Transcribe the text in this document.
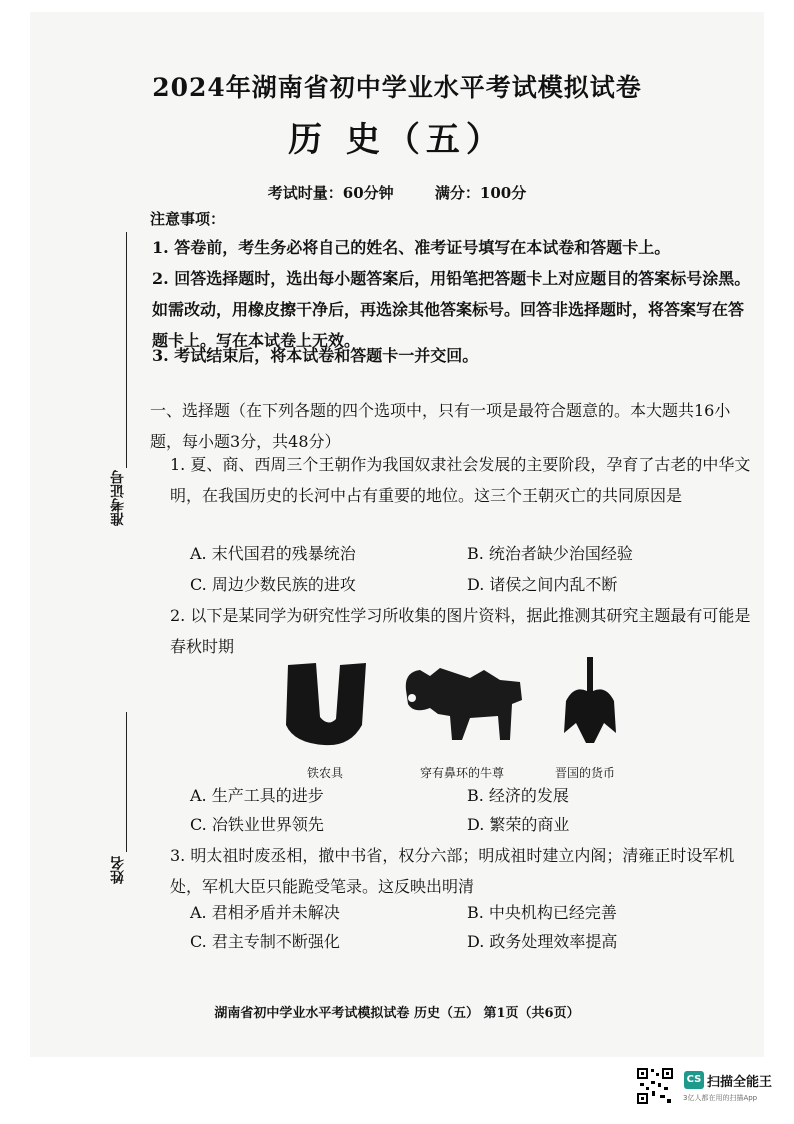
2024年湖南省初中学业水平考试模拟试卷
历 史（五）
考试时量：60分钟	满分：100分
准考证号
姓名
注意事项：
1. 答卷前，考生务必将自己的姓名、准考证号填写在本试卷和答题卡上。
2. 回答选择题时，选出每小题答案后，用铅笔把答题卡上对应题目的答案标号涂黑。如需改动，用橡皮擦干净后，再选涂其他答案标号。回答非选择题时，将答案写在答题卡上。写在本试卷上无效。
3. 考试结束后，将本试卷和答题卡一并交回。
一、选择题（在下列各题的四个选项中，只有一项是最符合题意的。本大题共16小题，每小题3分，共48分）
1. 夏、商、西周三个王朝作为我国奴隶社会发展的主要阶段，孕育了古老的中华文明，在我国历史的长河中占有重要的地位。这三个王朝灭亡的共同原因是
A. 末代国君的残暴统治	B. 统治者缺少治国经验
C. 周边少数民族的进攻	D. 诸侯之间内乱不断
2. 以下是某同学为研究性学习所收集的图片资料，据此推测其研究主题最有可能是春秋时期
铁农具	穿有鼻环的牛尊	晋国的货币
A. 生产工具的进步	B. 经济的发展
C. 冶铁业世界领先	D. 繁荣的商业
3. 明太祖时废丞相，撤中书省，权分六部；明成祖时建立内阁；清雍正时设军机处，军机大臣只能跪受笔录。这反映出明清
A. 君相矛盾并未解决	B. 中央机构已经完善
C. 君主专制不断强化	D. 政务处理效率提高
湖南省初中学业水平考试模拟试卷 历史（五） 第1页（共6页）
CS 扫描全能王
3亿人都在用的扫描App
